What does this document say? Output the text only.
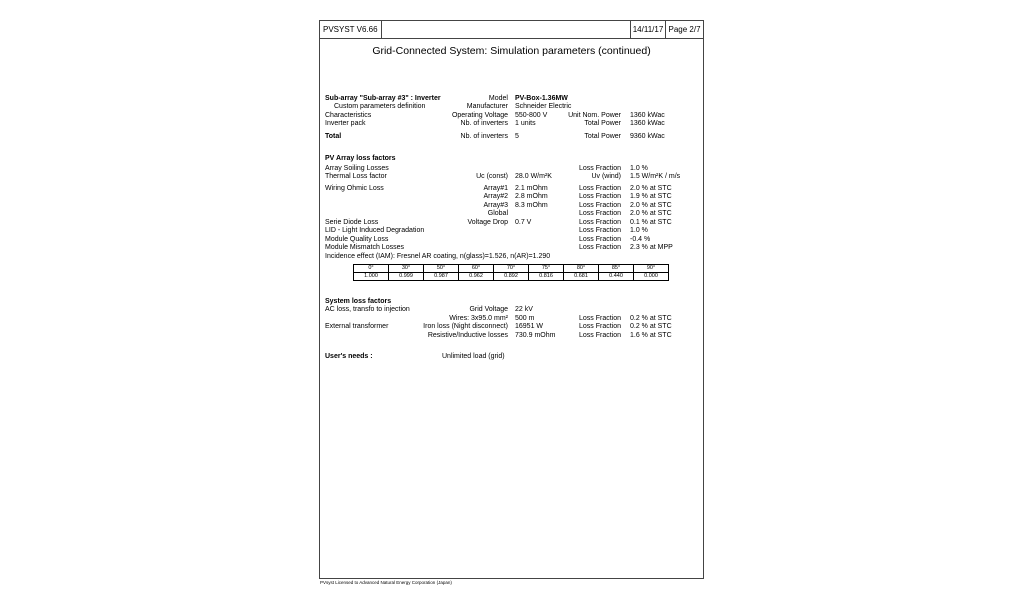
PVSYST V6.66	14/11/17 Page 2/7
Grid-Connected System: Simulation parameters (continued)
Sub-array "Sub-array #3" : Inverter	Model PV-Box-1.36MW
Custom parameters definition	Manufacturer Schneider Electric
Characteristics	Operating Voltage 550-800 V	Unit Nom. Power 1360 kWac
Inverter pack	Nb. of inverters 1 units	Total Power 1360 kWac
Total	Nb. of inverters 5	Total Power 9360 kWac
PV Array loss factors
Array Soiling Losses	Loss Fraction 1.0 %
Thermal Loss factor	Uc (const) 28.0 W/m²K	Uv (wind) 1.5 W/m²K / m/s
Wiring Ohmic Loss	Array#1 2.1 mOhm	Loss Fraction 2.0 % at STC
Array#2 2.8 mOhm	Loss Fraction 1.9 % at STC
Array#3 8.3 mOhm	Loss Fraction 2.0 % at STC
Global	Loss Fraction 2.0 % at STC
Serie Diode Loss	Voltage Drop 0.7 V	Loss Fraction 0.1 % at STC
LID - Light Induced Degradation	Loss Fraction 1.0 %
Module Quality Loss	Loss Fraction -0.4 %
Module Mismatch Losses	Loss Fraction 2.3 % at MPP
Incidence effect (IAM): Fresnel AR coating, n(glass)=1.526, n(AR)=1.290
0°	30°	50°	60°	70°	75°	80°	85°	90°
1.000	0.999	0.987	0.962	0.892	0.816	0.681	0.440	0.000
System loss factors
AC loss, transfo to injection	Grid Voltage 22 kV
Wires: 3x95.0 mm² 500 m	Loss Fraction 0.2 % at STC
External transformer	Iron loss (Night disconnect) 16951 W	Loss Fraction 0.2 % at STC
Resistive/Inductive losses 730.9 mOhm	Loss Fraction 1.6 % at STC
User's needs :	Unlimited load (grid)
PVsyst Licensed to Advanced Natural Energy Corporation (Japan)
